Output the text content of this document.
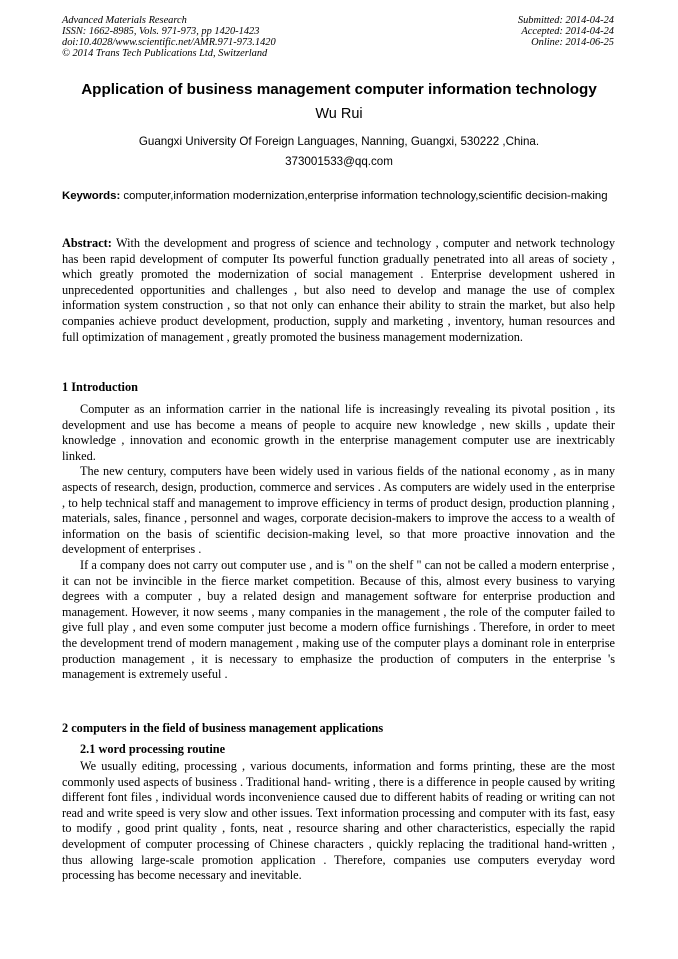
Advanced Materials Research
ISSN: 1662-8985, Vols. 971-973, pp 1420-1423
doi:10.4028/www.scientific.net/AMR.971-973.1420
© 2014 Trans Tech Publications Ltd, Switzerland
Submitted: 2014-04-24
Accepted: 2014-04-24
Online: 2014-06-25
Application of business management computer information technology
Wu Rui
Guangxi University Of Foreign Languages, Nanning, Guangxi, 530222 ,China.
373001533@qq.com
Keywords: computer,information modernization,enterprise information technology,scientific decision-making
Abstract: With the development and progress of science and technology , computer and network technology has been rapid development of computer Its powerful function gradually penetrated into all areas of society , which greatly promoted the modernization of social management . Enterprise development ushered in unprecedented opportunities and challenges , but also need to develop and manage the use of complex information system construction , so that not only can enhance their ability to strain the market, but also help companies achieve product development, production, supply and marketing , inventory, human resources and full optimization of management , greatly promoted the business management modernization.
1 Introduction

Computer as an information carrier in the national life is increasingly revealing its pivotal position , its development and use has become a means of people to acquire new knowledge , new skills , update their knowledge , innovation and economic growth in the enterprise management computer use are inextricably linked.

The new century, computers have been widely used in various fields of the national economy , as in many aspects of research, design, production, commerce and services . As computers are widely used in the enterprise , to help technical staff and management to improve efficiency in terms of product design, production planning , materials, sales, finance , personnel and wages, corporate decision-makers to improve the access to a wealth of information on the basis of scientific decision-making level, so that more proactive innovation and the development of enterprises .

If a company does not carry out computer use , and is " on the shelf " can not be called a modern enterprise , it can not be invincible in the fierce market competition. Because of this, almost every business to varying degrees with a computer , buy a related design and management software for enterprise production and management. However, it now seems , many companies in the management , the role of the computer failed to give full play , and even some computer just become a modern office furnishings . Therefore, in order to meet the development trend of modern management , making use of the computer plays a dominant role in enterprise production management , it is necessary to emphasize the production of computers in the enterprise 's management is extremely useful .

2 computers in the field of business management applications
2.1 word processing routine

We usually editing, processing , various documents, information and forms printing, these are the most commonly used aspects of business . Traditional hand- writing , there is a difference in people caused by writing different font files , individual words inconvenience caused due to different habits of reading or writing can not read and write speed is very slow and other issues. Text information processing and computer with its fast, easy to modify , good print quality , fonts, neat , resource sharing and other characteristics, especially the rapid development of computer processing of Chinese characters , quickly replacing the traditional hand-written , thus allowing large-scale promotion application . Therefore, companies use computers everyday word processing has become necessary and inevitable.
